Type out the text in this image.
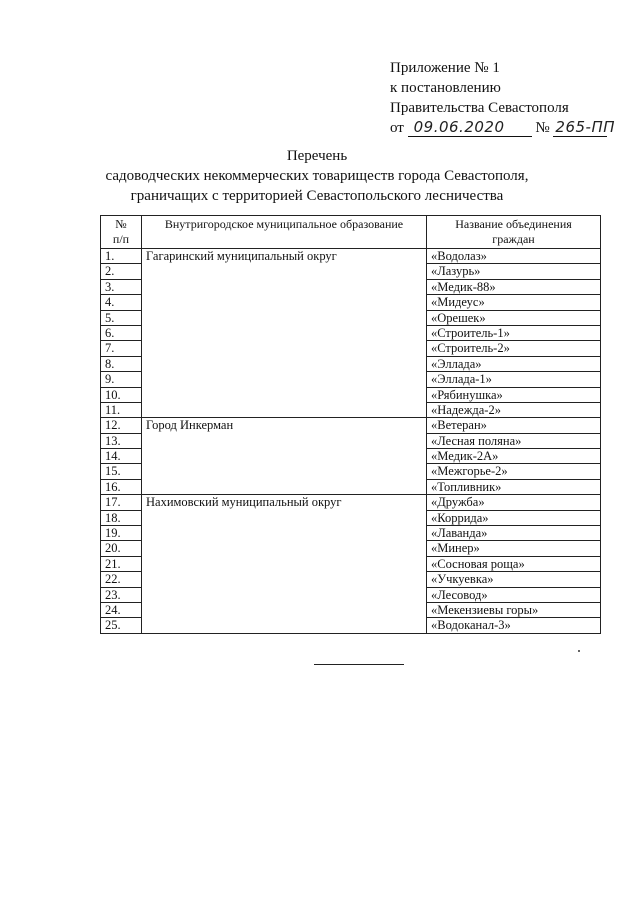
Приложение № 1
к постановлению
Правительства Севастополя
от 09.06.2020 № 265-ПП
Перечень
садоводческих некоммерческих товариществ города Севастополя,
граничащих с территорией Севастопольского лесничества
№
п/п	Внутригородское муниципальное образование	Название объединения
граждан
1.	Гагаринский муниципальный округ	«Водолаз»
2.		«Лазурь»
3.		«Медик-88»
4.		«Мидеус»
5.		«Орешек»
6.		«Строитель-1»
7.		«Строитель-2»
8.		«Эллада»
9.		«Эллада-1»
10.		«Рябинушка»
11.		«Надежда-2»
12.	Город Инкерман	«Ветеран»
13.		«Лесная поляна»
14.		«Медик-2А»
15.		«Межгорье-2»
16.		«Топливник»
17.	Нахимовский муниципальный округ	«Дружба»
18.		«Коррида»
19.		«Лаванда»
20.		«Минер»
21.		«Сосновая роща»
22.		«Учкуевка»
23.		«Лесовод»
24.		«Мекензиевы горы»
25.		«Водоканал-3»
